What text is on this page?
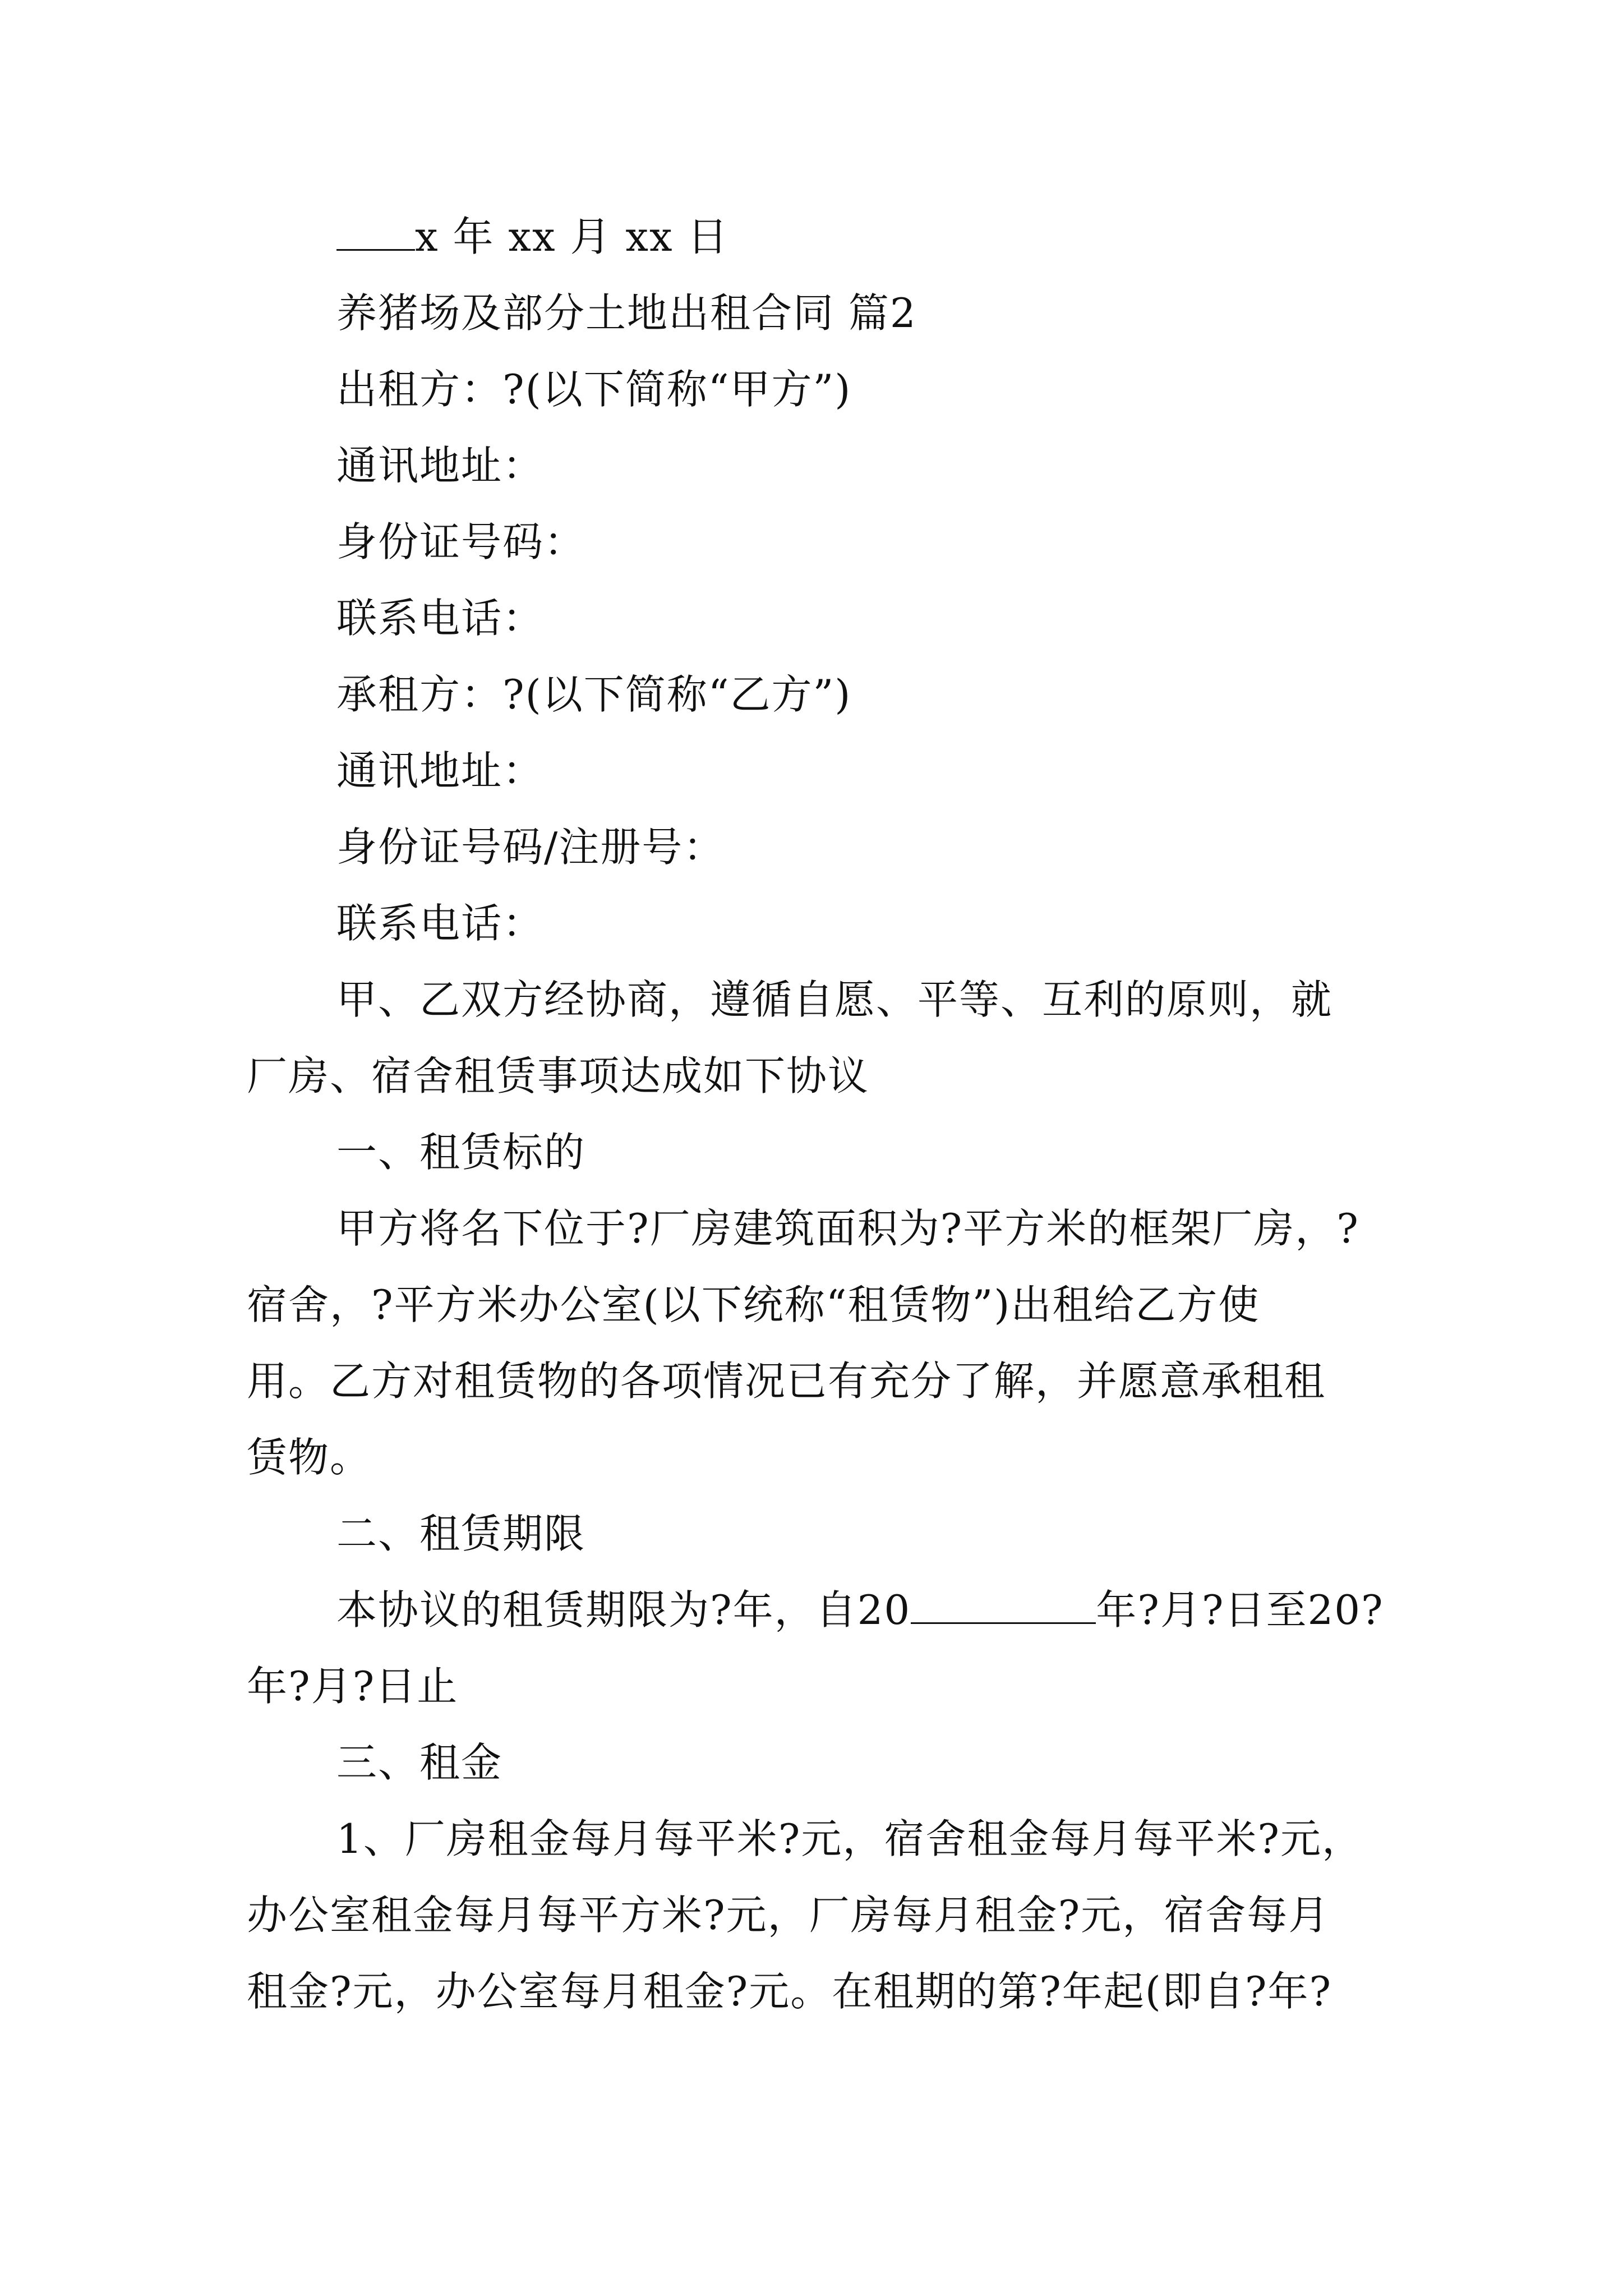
x 年 xx 月 xx 日
养猪场及部分土地出租合同 篇2
出租方：?(以下简称“甲方”)
通讯地址：
身份证号码：
联系电话：
承租方：?(以下简称“乙方”)
通讯地址：
身份证号码/注册号：
联系电话：
甲、乙双方经协商，遵循自愿、平等、互利的原则，就
厂房、宿舍租赁事项达成如下协议
一、租赁标的
甲方将名下位于?厂房建筑面积为?平方米的框架厂房，?
宿舍，?平方米办公室(以下统称“租赁物”)出租给乙方使
用。乙方对租赁物的各项情况已有充分了解，并愿意承租租
赁物。
二、租赁期限
本协议的租赁期限为?年，自20	年?月?日至20?
年?月?日止
三、租金
1、厂房租金每月每平米?元，宿舍租金每月每平米?元，
办公室租金每月每平方米?元，厂房每月租金?元，宿舍每月
租金?元，办公室每月租金?元。在租期的第?年起(即自?年?
